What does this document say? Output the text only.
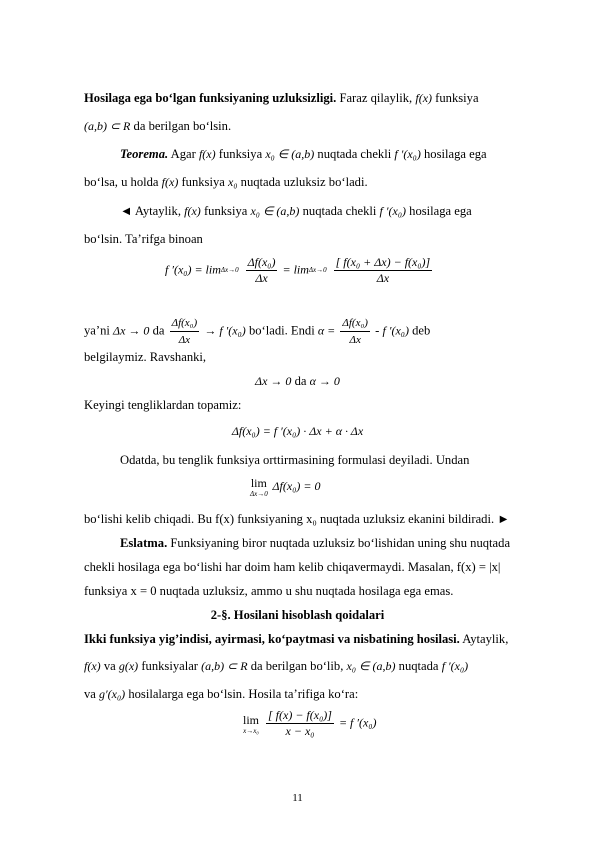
Hosilaga ega bo‘lgan funksiyaning uzluksizligi. Faraz qilaylik, f(x) funksiya
(a,b) ⊂ R da berilgan bo‘lsin.
Teorema. Agar f(x) funksiya x₀ ∈ (a,b) nuqtada chekli f ′(x₀) hosilaga ega
bo‘lsa, u holda f(x) funksiya x₀ nuqtada uzluksiz bo‘ladi.
◄ Aytaylik, f(x) funksiya x₀ ∈ (a,b) nuqtada chekli f ′(x₀) hosilaga ega
bo‘lsin. Ta’rifga binoan
f ′(x₀) = lim Δx→0
$\frac{\text{Δf(x₀)}}{\Delta x} = \lim \Delta x\to 0$
$\frac{\text{[ f(x₀ + Δx) − f(x₀)]}}{\Delta x}$
ya’ni Δx → 0 da $\frac{\text{Δf(x₀)}}{\Delta x} \to f$ ′(x₀) bo‘ladi. Endi $\alpha = \frac{\text{Δf(x₀)}}{\Delta x} - f$ ′(x₀) deb
belgilaymiz. Ravshanki,
Δx → 0 da α → 0
Keyingi tengliklardan topamiz:
Δf(x₀) = f ′(x₀) · Δx + α · Δx
Odatda, bu tenglik funksiya orttirmasining formulasi deyiladi. Undan
lim
Δx→0
Δf(x₀) = 0
bo‘lishi kelib chiqadi. Bu f(x) funksiyaning x₀ nuqtada uzluksiz ekanini bildiradi. ►
Eslatma. Funksiyaning biror nuqtada uzluksiz bo‘lishidan uning shu nuqtada
chekli hosilaga ega bo‘lishi har doim ham kelib chiqavermaydi. Masalan, f(x) = |x|
funksiya x = 0 nuqtada uzluksiz, ammo u shu nuqtada hosilaga ega emas.
2-§. Hosilani hisoblash qoidalari
Ikki funksiya yig’indisi, ayirmasi, ko‘paytmasi va nisbatining hosilasi. Aytaylik,
f(x) va g(x) funksiyalar (a,b) ⊂ R da berilgan bo‘lib, x₀ ∈ (a,b) nuqtada f ′(x₀)
va g′(x₀) hosilalarga ega bo‘lsin. Hosila ta’rifiga ko‘ra:
lim
x→x₀
$\frac{\text{[ f(x) − f(x₀)]}}{\text{x − x₀}} = f$ ′(x₀)
11
